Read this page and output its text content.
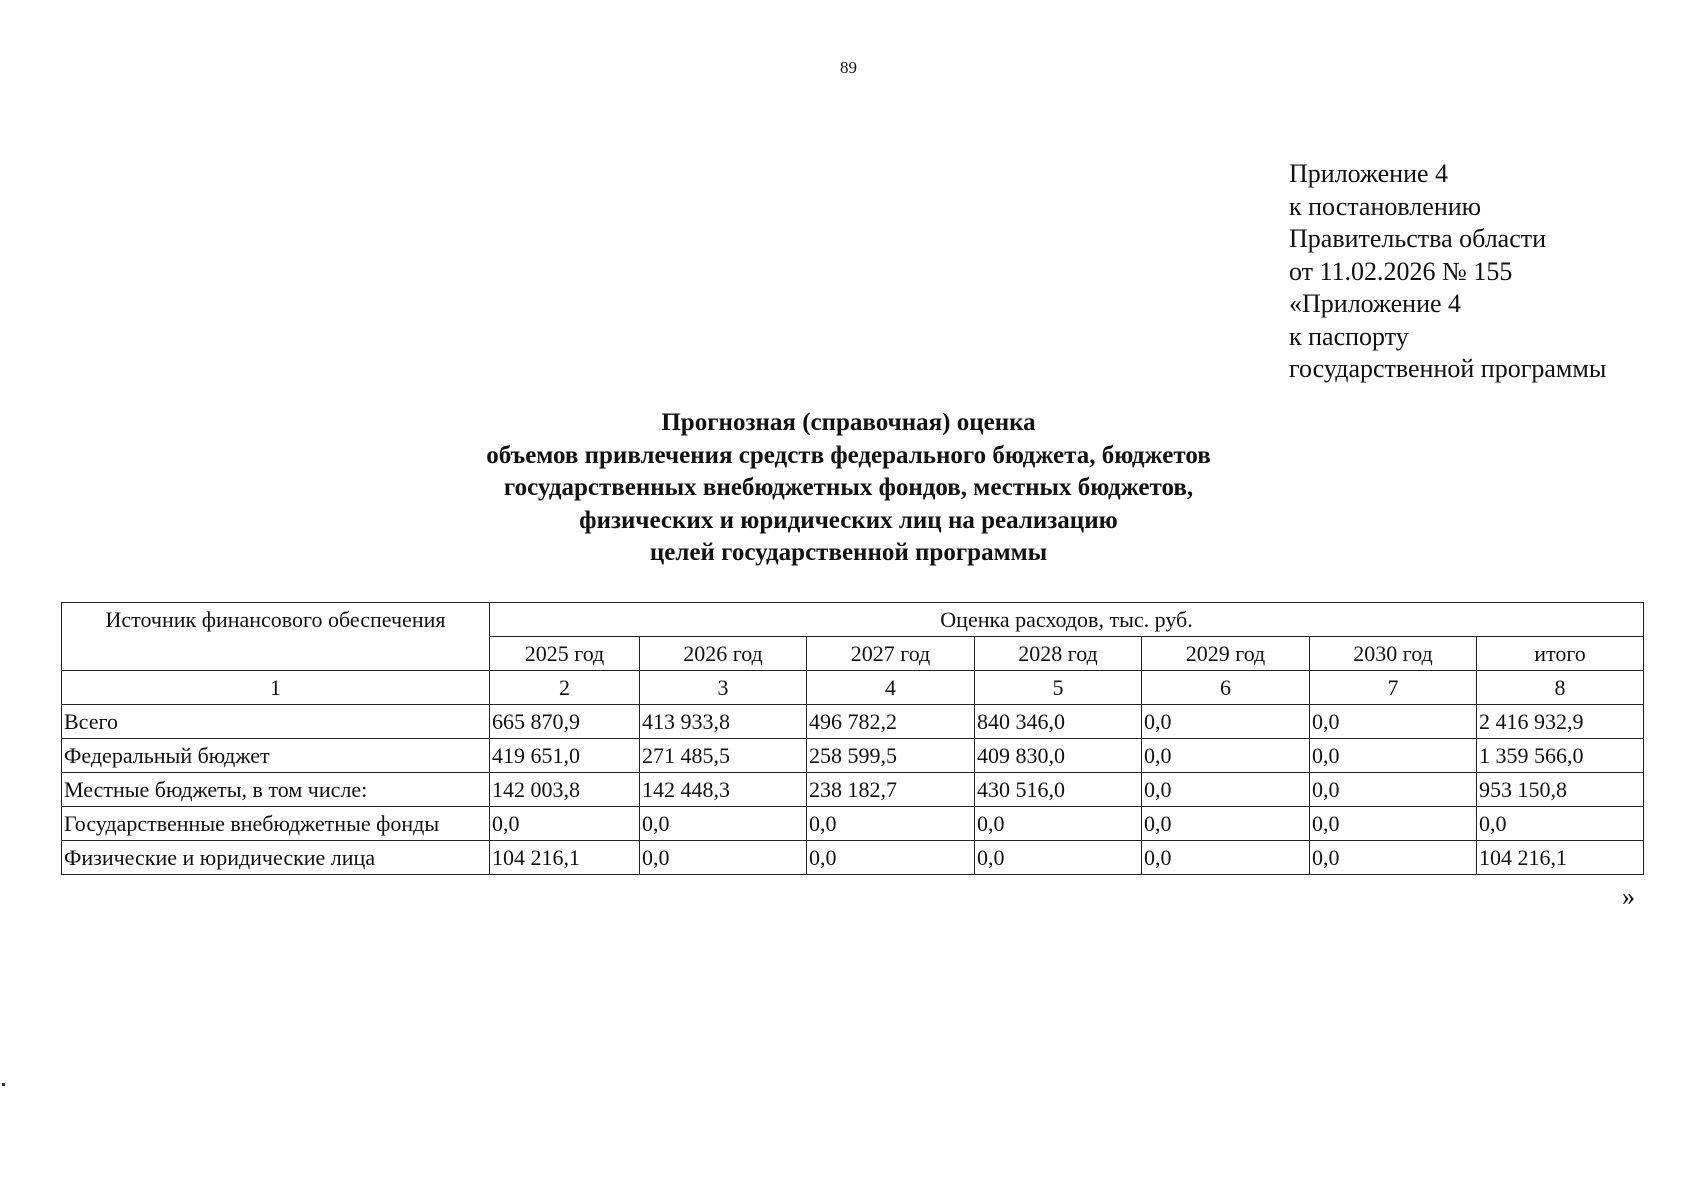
89
Приложение 4
к постановлению
Правительства области
от 11.02.2026 № 155
«Приложение 4
к паспорту
государственной программы
Прогнозная (справочная) оценка
объемов привлечения средств федерального бюджета, бюджетов
государственных внебюджетных фондов, местных бюджетов,
физических и юридических лиц на реализацию
целей государственной программы
Источник финансового обеспечения	Оценка расходов, тыс. руб.						
	2025 год	2026 год	2027 год	2028 год	2029 год	2030 год	итого
1	2	3	4	5	6	7	8
Всего	665 870,9	413 933,8	496 782,2	840 346,0	0,0	0,0	2 416 932,9
Федеральный бюджет	419 651,0	271 485,5	258 599,5	409 830,0	0,0	0,0	1 359 566,0
Местные бюджеты, в том числе:	142 003,8	142 448,3	238 182,7	430 516,0	0,0	0,0	953 150,8
Государственные внебюджетные фонды	0,0	0,0	0,0	0,0	0,0	0,0	0,0
Физические и юридические лица	104 216,1	0,0	0,0	0,0	0,0	0,0	104 216,1
»
